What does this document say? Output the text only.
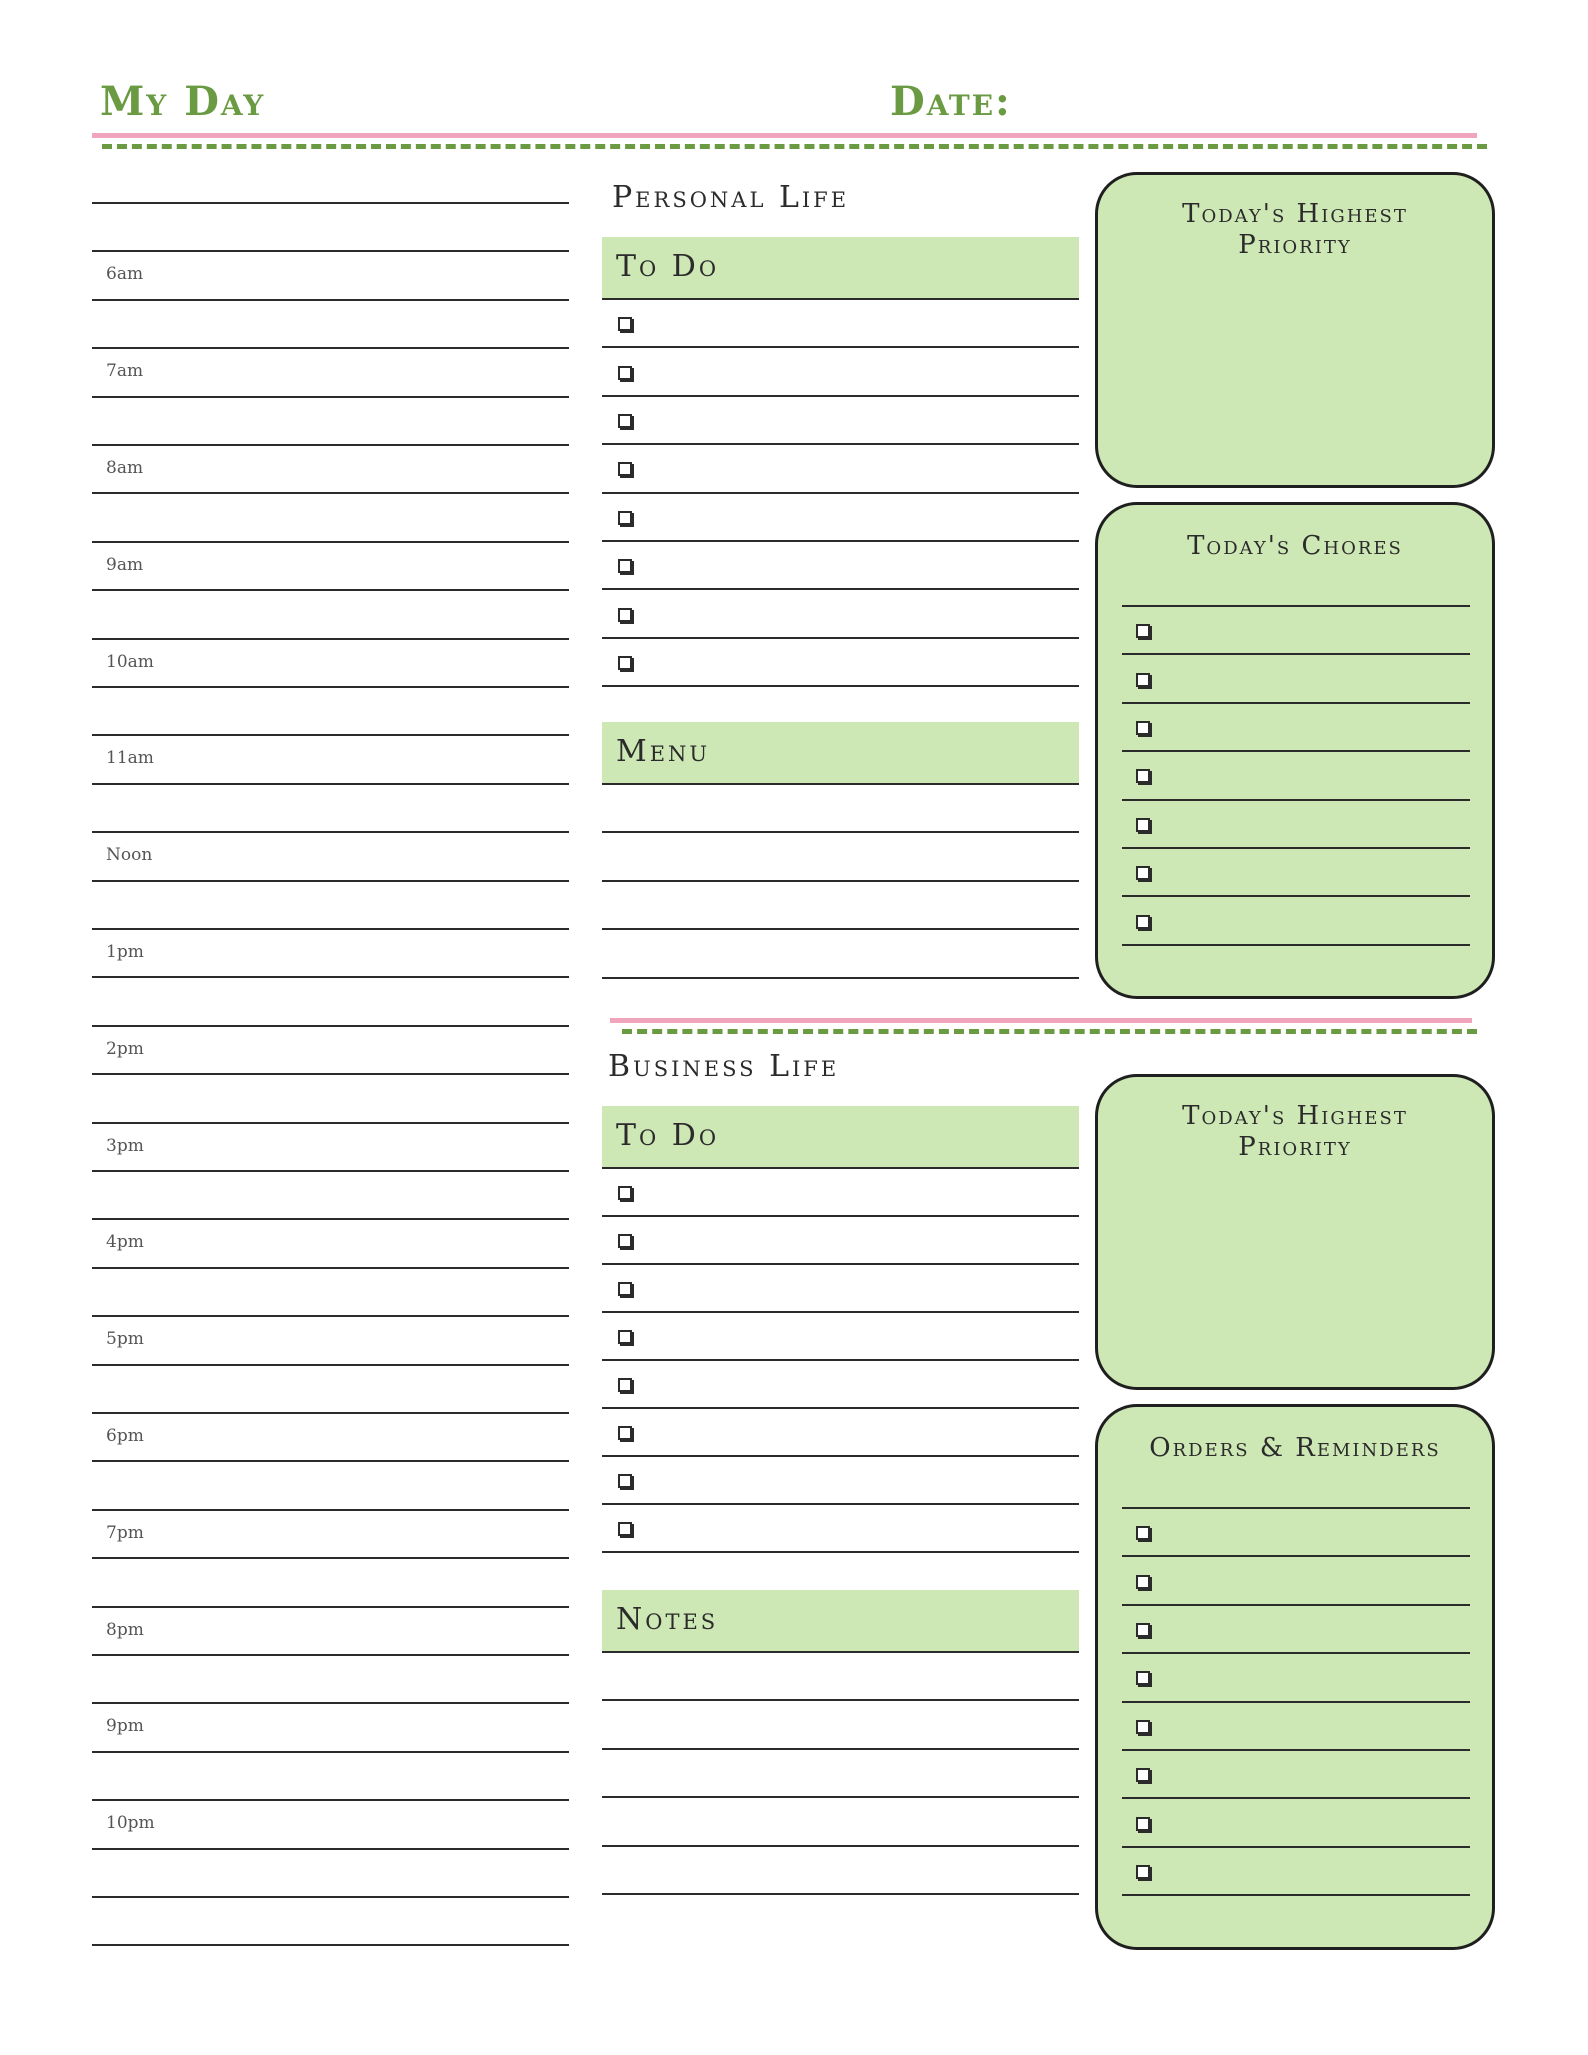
My Day	Date:
6am
7am
8am
9am
10am
11am
Noon
1pm
2pm
3pm
4pm
5pm
6pm
7pm
8pm
9pm
10pm
Personal Life
To Do
Menu
Today's Highest
Priority
Today's Chores
Business Life
To Do
Notes
Today's Highest
Priority
Orders & Reminders
